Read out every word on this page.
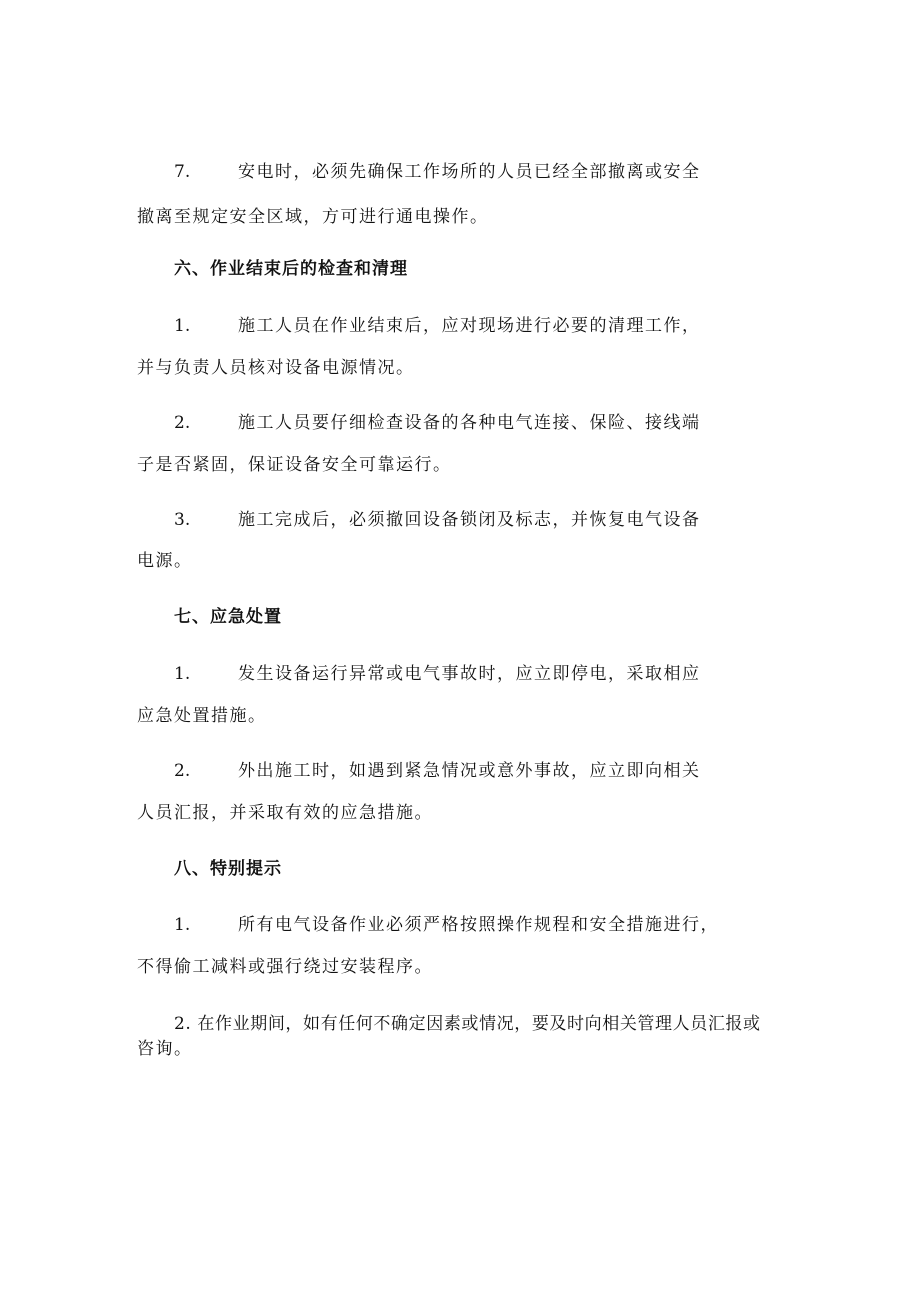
7.	安电时，必须先确保工作场所的人员已经全部撤离或安全
撤离至规定安全区域，方可进行通电操作。
六、作业结束后的检查和清理
1.	施工人员在作业结束后，应对现场进行必要的清理工作，
并与负责人员核对设备电源情况。
2.	施工人员要仔细检查设备的各种电气连接、保险、接线端
子是否紧固，保证设备安全可靠运行。
3.	施工完成后，必须撤回设备锁闭及标志，并恢复电气设备
电源。
七、应急处置
1.	发生设备运行异常或电气事故时，应立即停电，采取相应
应急处置措施。
2.	外出施工时，如遇到紧急情况或意外事故，应立即向相关
人员汇报，并采取有效的应急措施。
八、特别提示
1.	所有电气设备作业必须严格按照操作规程和安全措施进行，
不得偷工减料或强行绕过安装程序。
2. 在作业期间，如有任何不确定因素或情况，要及时向相关管理人员汇报或
咨询。
